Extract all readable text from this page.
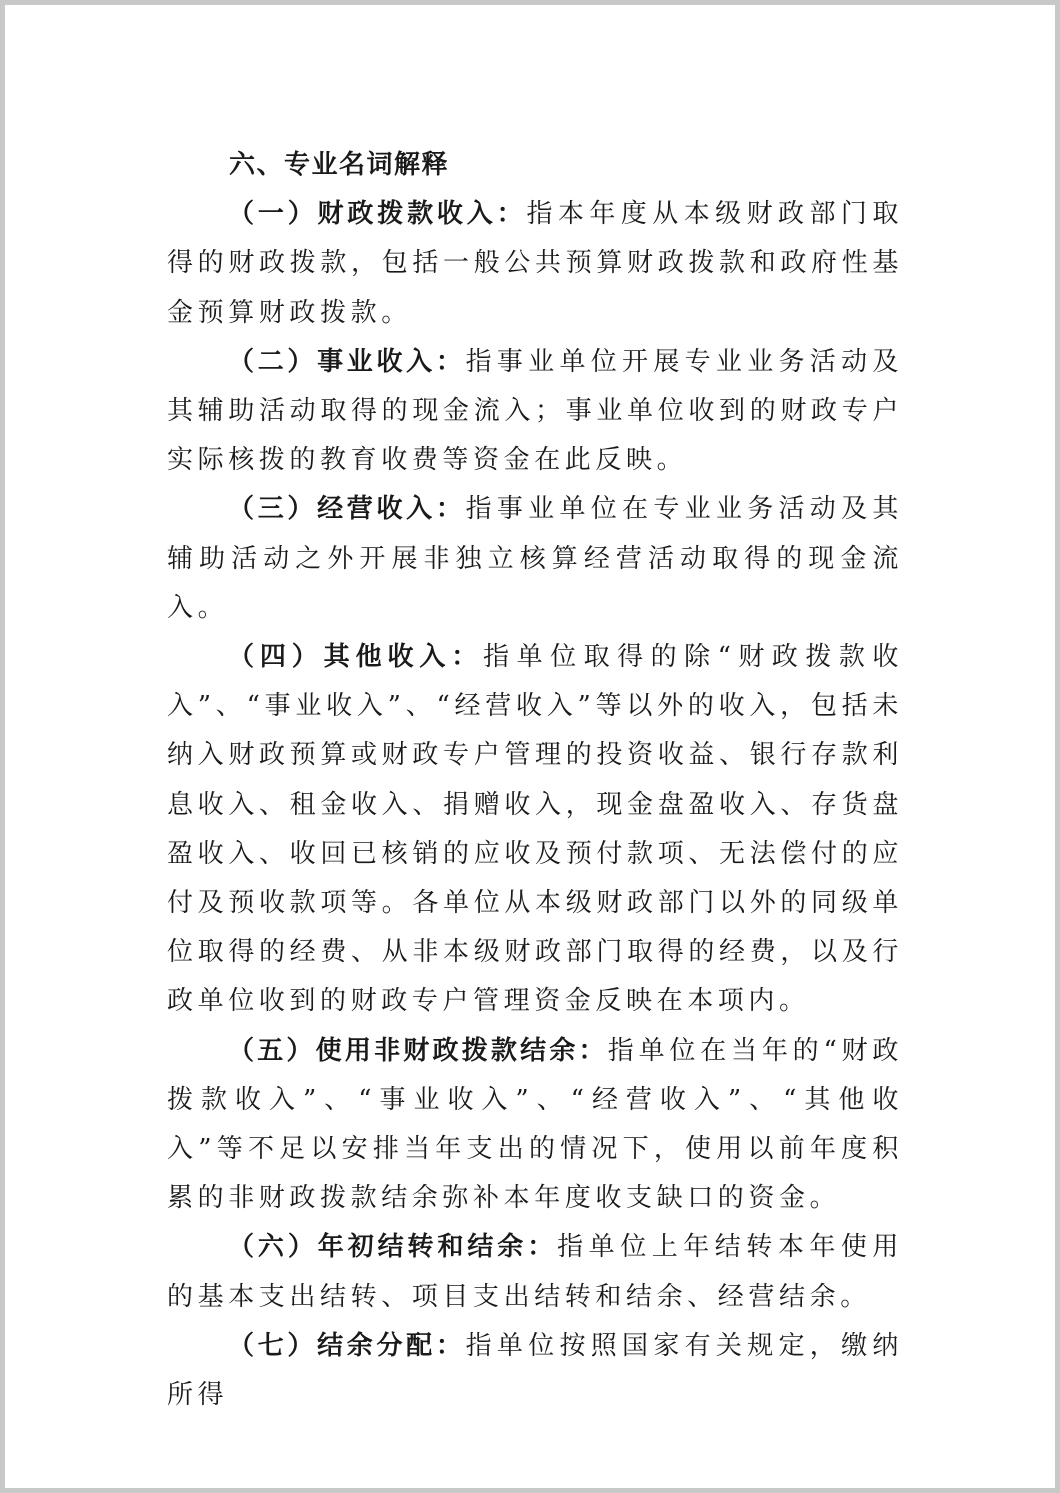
六、专业名词解释

（一）财政拨款收入：指本年度从本级财政部门取得的财政拨款，包括一般公共预算财政拨款和政府性基金预算财政拨款。

（二）事业收入：指事业单位开展专业业务活动及其辅助活动取得的现金流入；事业单位收到的财政专户实际核拨的教育收费等资金在此反映。

（三）经营收入：指事业单位在专业业务活动及其辅助活动之外开展非独立核算经营活动取得的现金流入。

（四）其他收入：指单位取得的除“财政拨款收入”、“事业收入”、“经营收入”等以外的收入，包括未纳入财政预算或财政专户管理的投资收益、银行存款利息收入、租金收入、捐赠收入，现金盘盈收入、存货盘盈收入、收回已核销的应收及预付款项、无法偿付的应付及预收款项等。各单位从本级财政部门以外的同级单位取得的经费、从非本级财政部门取得的经费，以及行政单位收到的财政专户管理资金反映在本项内。

（五）使用非财政拨款结余：指单位在当年的“财政拨款收入”、“事业收入”、“经营收入”、“其他收入”等不足以安排当年支出的情况下，使用以前年度积累的非财政拨款结余弥补本年度收支缺口的资金。

（六）年初结转和结余：指单位上年结转本年使用的基本支出结转、项目支出结转和结余、经营结余。

（七）结余分配：指单位按照国家有关规定，缴纳所得
